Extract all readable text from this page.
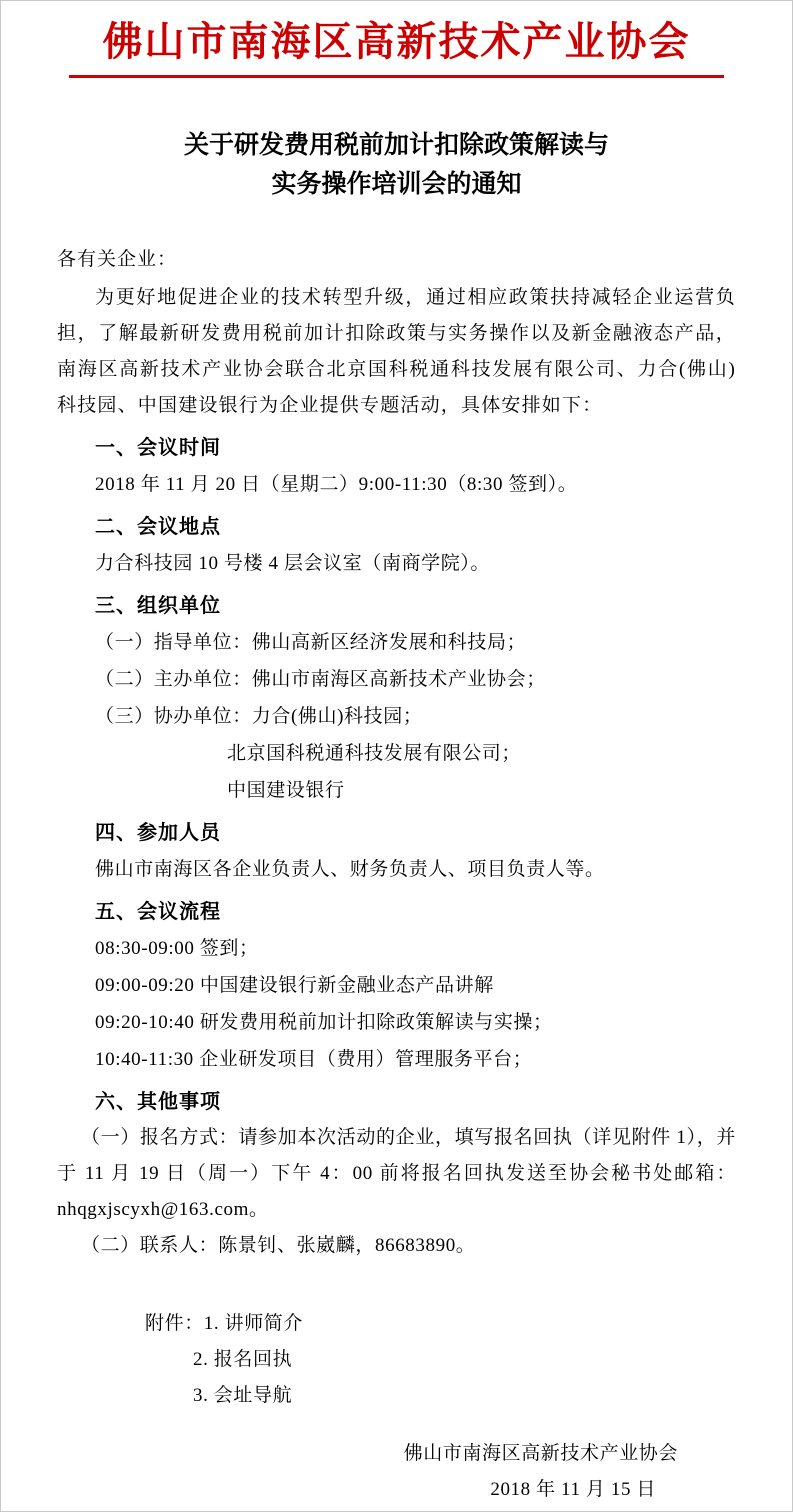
佛山市南海区高新技术产业协会
关于研发费用税前加计扣除政策解读与
实务操作培训会的通知
各有关企业：
为更好地促进企业的技术转型升级，通过相应政策扶持减轻企业运营负担，了解最新研发费用税前加计扣除政策与实务操作以及新金融液态产品，南海区高新技术产业协会联合北京国科税通科技发展有限公司、力合(佛山)科技园、中国建设银行为企业提供专题活动，具体安排如下：
一、会议时间
2018 年 11 月 20 日（星期二）9:00-11:30（8:30 签到）。
二、会议地点
力合科技园 10 号楼 4 层会议室（南商学院）。
三、组织单位
（一）指导单位：佛山高新区经济发展和科技局；
（二）主办单位：佛山市南海区高新技术产业协会；
（三）协办单位：力合(佛山)科技园；
北京国科税通科技发展有限公司；
中国建设银行
四、参加人员
佛山市南海区各企业负责人、财务负责人、项目负责人等。
五、会议流程
08:30-09:00 签到；
09:00-09:20 中国建设银行新金融业态产品讲解
09:20-10:40 研发费用税前加计扣除政策解读与实操；
10:40-11:30 企业研发项目（费用）管理服务平台；
六、其他事项
（一）报名方式：请参加本次活动的企业，填写报名回执（详见附件 1），并于 11 月 19 日（周一）下午 4：00 前将报名回执发送至协会秘书处邮箱：nhqgxjscyxh@163.com。
（二）联系人：陈景钊、张崴麟，86683890。
附件：1. 讲师简介
2. 报名回执
3. 会址导航
佛山市南海区高新技术产业协会
2018 年 11 月 15 日
